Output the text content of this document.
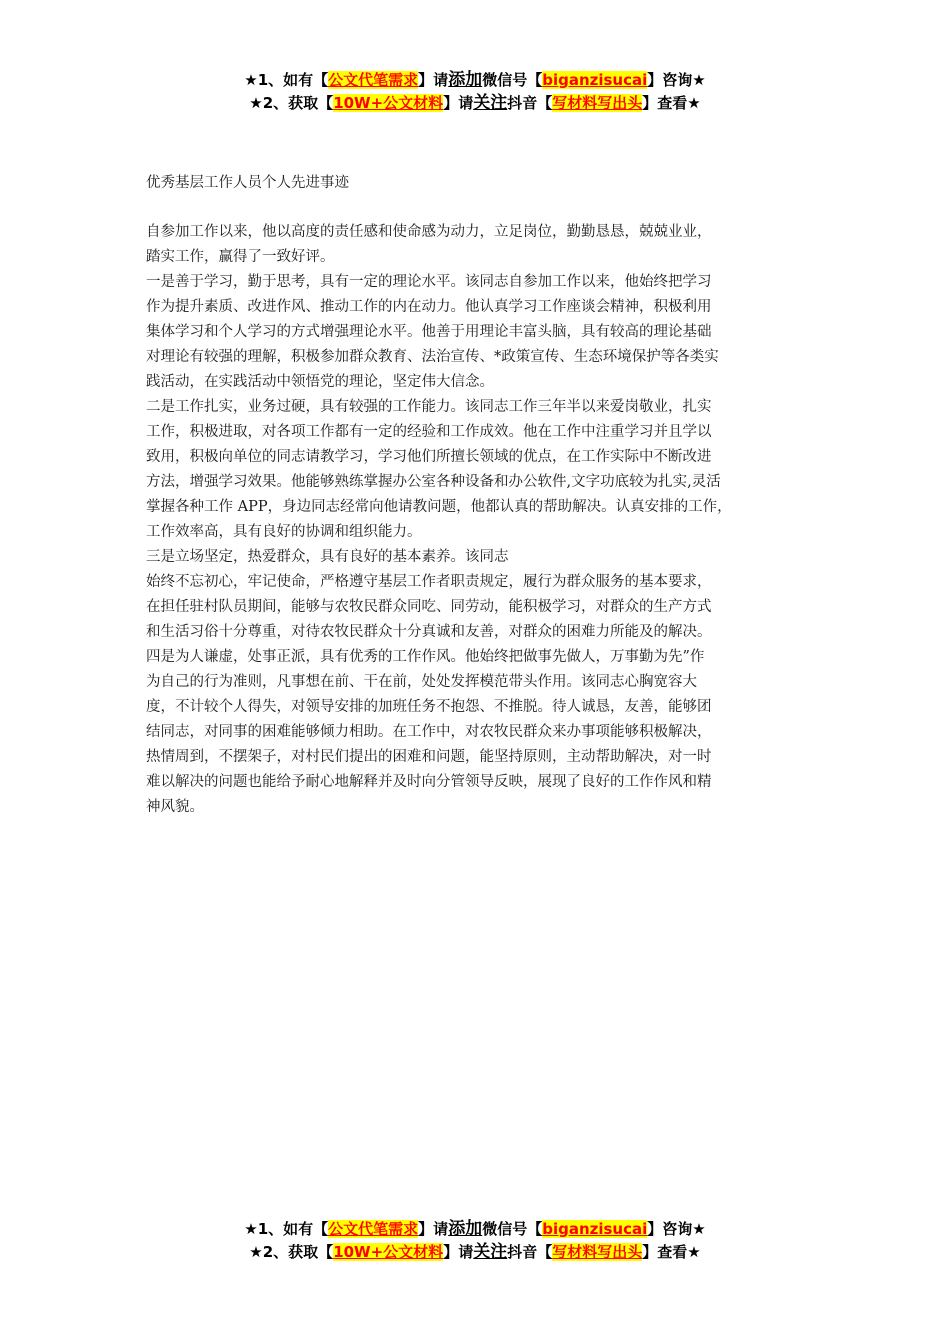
★1、如有【公文代笔需求】请添加微信号【biganzisucai】咨询★
★2、获取【10W+公文材料】请关注抖音【写材料写出头】查看★
优秀基层工作人员个人先进事迹

自参加工作以来，他以高度的责任感和使命感为动力，立足岗位，勤勤恳恳，兢兢业业，

踏实工作，赢得了一致好评。

一是善于学习，勤于思考，具有一定的理论水平。该同志自参加工作以来，他始终把学习

作为提升素质、改进作风、推动工作的内在动力。他认真学习工作座谈会精神，积极利用

集体学习和个人学习的方式增强理论水平。他善于用理论丰富头脑，具有较高的理论基础

对理论有较强的理解，积极参加群众教育、法治宣传、*政策宣传、生态环境保护等各类实

践活动，在实践活动中领悟党的理论，坚定伟大信念。

二是工作扎实，业务过硬，具有较强的工作能力。该同志工作三年半以来爱岗敬业，扎实

工作，积极进取，对各项工作都有一定的经验和工作成效。他在工作中注重学习并且学以

致用，积极向单位的同志请教学习，学习他们所擅长领域的优点，在工作实际中不断改进

方法，增强学习效果。他能够熟练掌握办公室各种设备和办公软件,文字功底较为扎实,灵活

掌握各种工作 APP，身边同志经常向他请教问题，他都认真的帮助解决。认真安排的工作，

工作效率高，具有良好的协调和组织能力。

三是立场坚定，热爱群众，具有良好的基本素养。该同志

始终不忘初心，牢记使命，严格遵守基层工作者职责规定，履行为群众服务的基本要求，

在担任驻村队员期间，能够与农牧民群众同吃、同劳动，能积极学习，对群众的生产方式

和生活习俗十分尊重，对待农牧民群众十分真诚和友善，对群众的困难力所能及的解决。

四是为人谦虚，处事正派，具有优秀的工作作风。他始终把做事先做人，万事勤为先”作

为自己的行为准则，凡事想在前、干在前，处处发挥模范带头作用。该同志心胸宽容大

度，不计较个人得失，对领导安排的加班任务不抱怨、不推脱。待人诚恳，友善，能够团

结同志，对同事的困难能够倾力相助。在工作中，对农牧民群众来办事项能够积极解决，

热情周到，不摆架子，对村民们提出的困难和问题，能坚持原则，主动帮助解决，对一时

难以解决的问题也能给予耐心地解释并及时向分管领导反映，展现了良好的工作作风和精

神风貌。

★1、如有【公文代笔需求】请添加微信号【biganzisucai】咨询★
★2、获取【10W+公文材料】请关注抖音【写材料写出头】查看★
